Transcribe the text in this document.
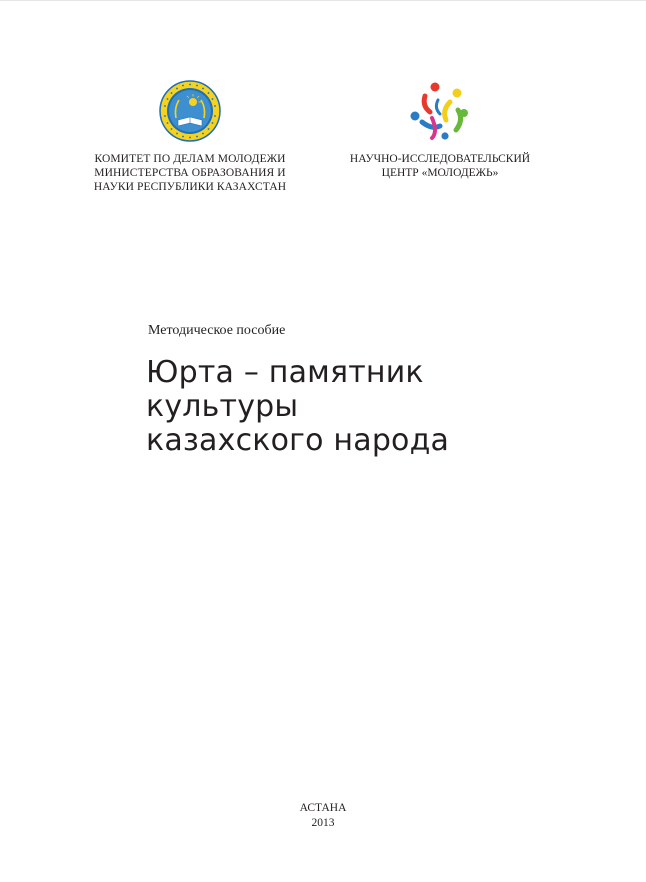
КОМИТЕТ ПО ДЕЛАМ МОЛОДЕЖИ
МИНИСТЕРСТВА ОБРАЗОВАНИЯ И
НАУКИ РЕСПУБЛИКИ КАЗАХСТАН
НАУЧНО-ИССЛЕДОВАТЕЛЬСКИЙ
ЦЕНТР «МОЛОДЕЖЬ»
Методическое пособие
Юрта – памятник
культуры
казахского народа
АСТАНА
2013
